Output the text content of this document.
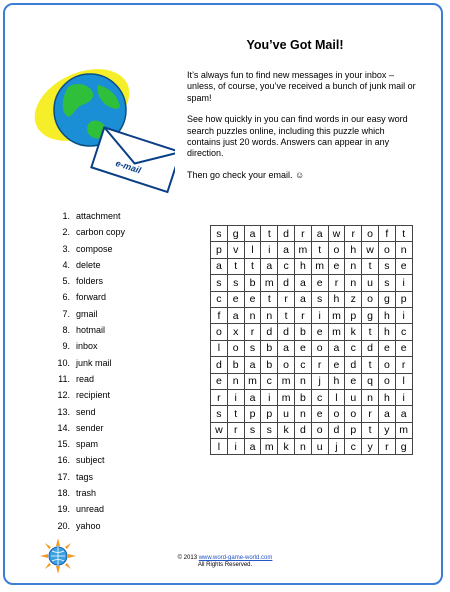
You’ve Got Mail!
e-mail

It’s always fun to find new messages in your inbox – unless, of course, you’ve received a bunch of junk mail or spam!

See how quickly in you can find words in our easy word search puzzles online, including this puzzle which contains just 20 words. Answers can appear in any direction.

Then go check your email. ☺

1. attachment
2. carbon copy
3. compose
4. delete
5. folders
6. forward
7. gmail
8. hotmail
9. inbox
10. junk mail
11. read
12. recipient
13. send
14. sender
15. spam
16. subject
17. tags
18. trash
19. unread
20. yahoo
s	g	a	t	d	r	a	w	r	o	f	t
p	v	l	i	a	m	t	o	h	w	o	n
a	t	t	a	c	h	m	e	n	t	s	e
s	s	b	m	d	a	e	r	n	u	s	i
c	e	e	t	r	a	s	h	z	o	g	p
f	a	n	n	t	r	i	m	p	g	h	i
o	x	r	d	d	b	e	m	k	t	h	c
l	o	s	b	a	e	o	a	c	d	e	e
d	b	a	b	o	c	r	e	d	t	o	r
e	n	m	c	m	n	j	h	e	q	o	l
r	i	a	i	m	b	c	l	u	n	h	i
s	t	p	p	u	n	e	o	o	r	a	a
w	r	s	s	k	d	o	d	p	t	y	m
l	i	a	m	k	n	u	j	c	y	r	g
© 2013 www.word-game-world.com
All Rights Reserved.
